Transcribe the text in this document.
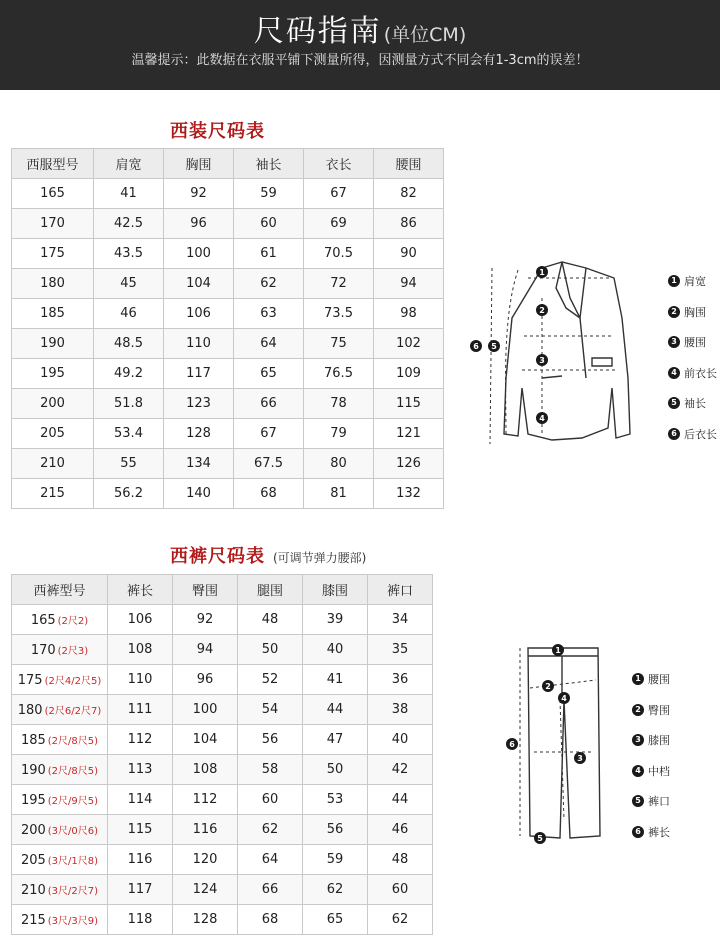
尺码指南 (单位CM)
温馨提示：此数据在衣服平铺下测量所得，因测量方式不同会有1-3cm的误差！
西装尺码表
西服型号	肩宽	胸围	袖长	衣长	腰围
165	41	92	59	67	82
170	42.5	96	60	69	86
175	43.5	100	61	70.5	90
180	45	104	62	72	94
185	46	106	63	73.5	98
190	48.5	110	64	75	102
195	49.2	117	65	76.5	109
200	51.8	123	66	78	115
205	53.4	128	67	79	121
210	55	134	67.5	80	126
215	56.2	140	68	81	132
1
2
3
4
5
6
1 肩宽
2 胸围
3 腰围
4 前衣长
5 袖长
6 后衣长
西裤尺码表 (可调节弹力腰部)
西裤型号	裤长	臀围	腿围	膝围	裤口
165 (2尺2)	106	92	48	39	34
170 (2尺3)	108	94	50	40	35
175 (2尺4/2尺5)	110	96	52	41	36
180 (2尺6/2尺7)	111	100	54	44	38
185 (2尺/8尺5)	112	104	56	47	40
190 (2尺/8尺5)	113	108	58	50	42
195 (2尺/9尺5)	114	112	60	53	44
200 (3尺/0尺6)	115	116	62	56	46
205 (3尺/1尺8)	116	120	64	59	48
210 (3尺/2尺7)	117	124	66	62	60
215 (3尺/3尺9)	118	128	68	65	62
1
2
3
4
5
6
1 腰围
2 臀围
3 膝围
4 中档
5 裤口
6 裤长
